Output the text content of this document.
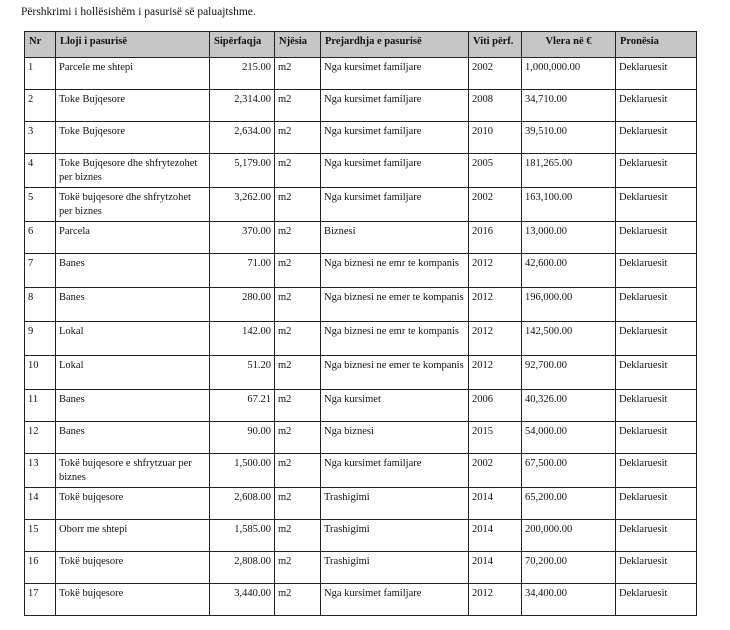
Përshkrimi i hollësishëm i pasurisë së paluajtshme.
Nr	Lloji i pasurisë	Sipërfaqja	Njësia	Prejardhja e pasurisë	Viti përf.	Vlera në €	Pronësia
1	Parcele me shtepi	215.00	m2	Nga kursimet familjare	2002	1,000,000.00	Deklaruesit
2	Toke Bujqesore	2,314.00	m2	Nga kursimet familjare	2008	34,710.00	Deklaruesit
3	Toke Bujqesore	2,634.00	m2	Nga kursimet familjare	2010	39,510.00	Deklaruesit
4	Toke Bujqesore dhe shfrytezohet per biznes	5,179.00	m2	Nga kursimet familjare	2005	181,265.00	Deklaruesit
5	Tokë bujqesore dhe shfrytzohet per biznes	3,262.00	m2	Nga kursimet familjare	2002	163,100.00	Deklaruesit
6	Parcela	370.00	m2	Biznesi	2016	13,000.00	Deklaruesit
7	Banes	71.00	m2	Nga biznesi ne emr te kompanis	2012	42,600.00	Deklaruesit
8	Banes	280.00	m2	Nga biznesi ne emer te kompanis	2012	196,000.00	Deklaruesit
9	Lokal	142.00	m2	Nga biznesi ne emr te kompanis	2012	142,500.00	Deklaruesit
10	Lokal	51.20	m2	Nga biznesi ne emer te kompanis	2012	92,700.00	Deklaruesit
11	Banes	67.21	m2	Nga kursimet	2006	40,326.00	Deklaruesit
12	Banes	90.00	m2	Nga biznesi	2015	54,000.00	Deklaruesit
13	Tokë bujqesore e shfrytzuar per biznes	1,500.00	m2	Nga kursimet familjare	2002	67,500.00	Deklaruesit
14	Tokë bujqesore	2,608.00	m2	Trashigimi	2014	65,200.00	Deklaruesit
15	Oborr me shtepi	1,585.00	m2	Trashigimi	2014	200,000.00	Deklaruesit
16	Tokë bujqesore	2,808.00	m2	Trashigimi	2014	70,200.00	Deklaruesit
17	Tokë bujqesore	3,440.00	m2	Nga kursimet familjare	2012	34,400.00	Deklaruesit
